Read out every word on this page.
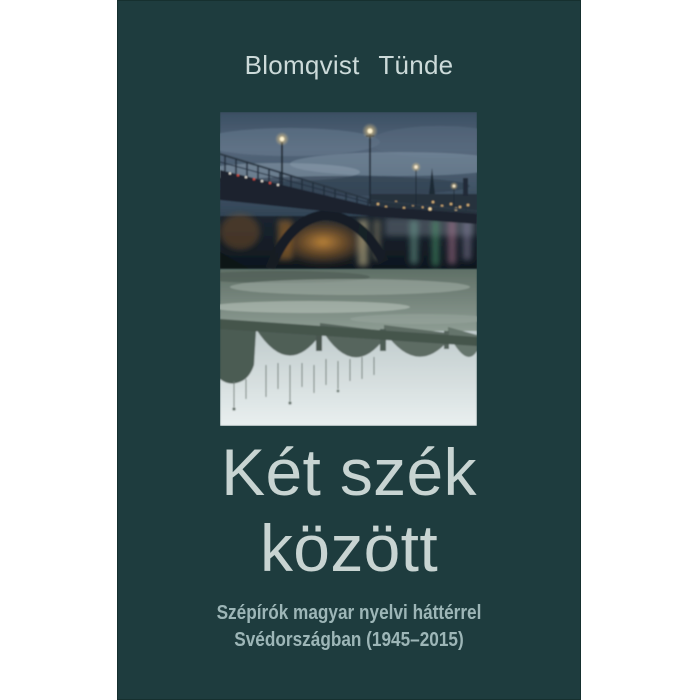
Blomqvist Tünde
Két szék
között
Szépírók magyar nyelvi háttérrel
Svédországban (1945–2015)
